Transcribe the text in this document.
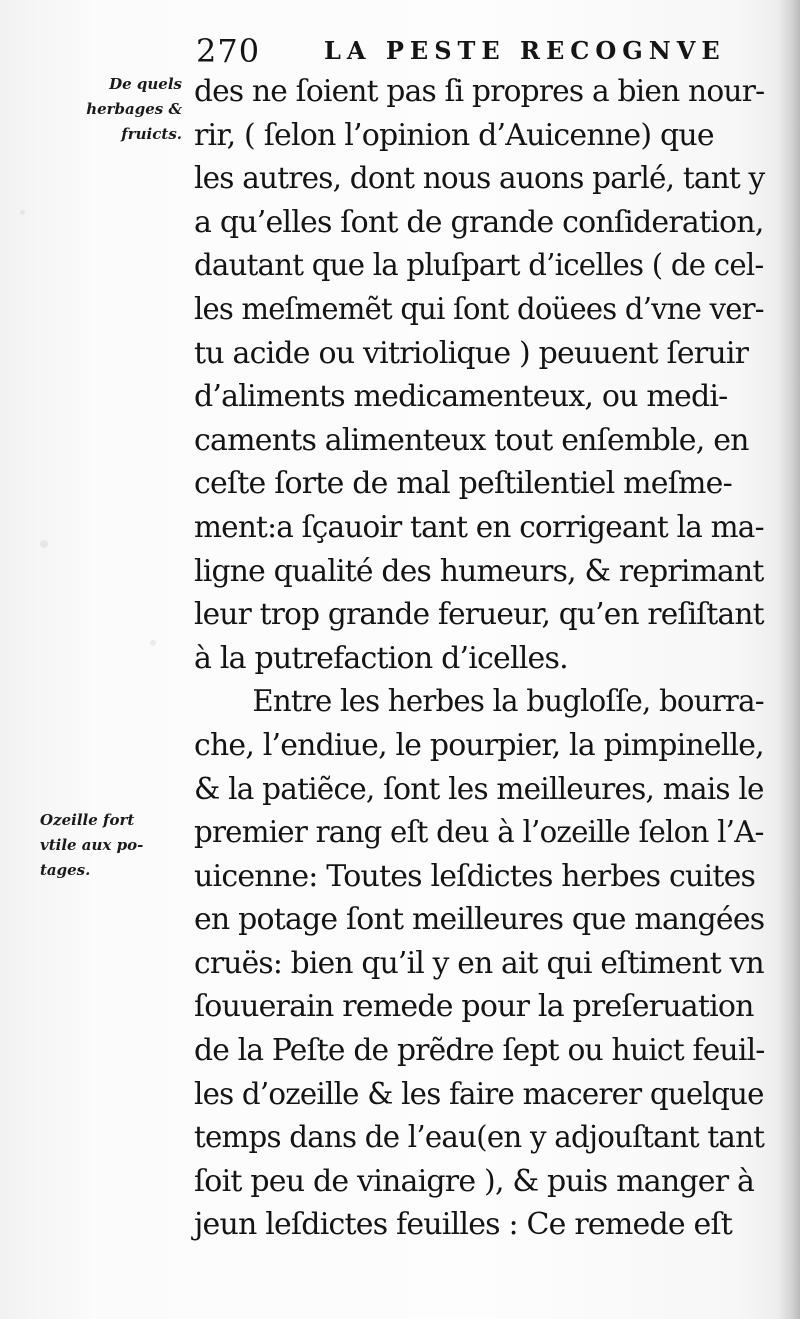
270	LA PESTE RECOGNVE
De quels
herbages &
fruicts.
Ozeille fort
vtile aux po-
tages.
des ne ſoient pas ſi propres a bien nour-
rir, ( ſelon l’opinion d’Auicenne) que
les autres, dont nous auons parlé, tant y
a qu’elles ſont de grande conſideration,
dautant que la pluſpart d’icelles ( de cel-
les meſmemẽt qui ſont doüees d’vne ver-
tu acide ou vitriolique ) peuuent ſeruir
d’aliments medicamenteux, ou medi-
caments alimenteux tout enſemble, en
ceſte ſorte de mal peſtilentiel meſme-
ment:a ſçauoir tant en corrigeant la ma-
ligne qualité des humeurs, & reprimant
leur trop grande ferueur, qu’en reſiſtant
à la putrefaction d’icelles.
Entre les herbes la bugloſſe, bourra-
che, l’endiue, le pourpier, la pimpinelle,
& la patiẽce, ſont les meilleures, mais le
premier rang eſt deu à l’ozeille ſelon l’A-
uicenne: Toutes leſdictes herbes cuites
en potage ſont meilleures que mangées
cruës: bien qu’il y en ait qui eſtiment vn
ſouuerain remede pour la preſeruation
de la Peſte de prẽdre ſept ou huict feuil-
les d’ozeille & les faire macerer quelque
temps dans de l’eau(en y adjouſtant tant
ſoit peu de vinaigre ), & puis manger à
jeun leſdictes feuilles : Ce remede eſt
